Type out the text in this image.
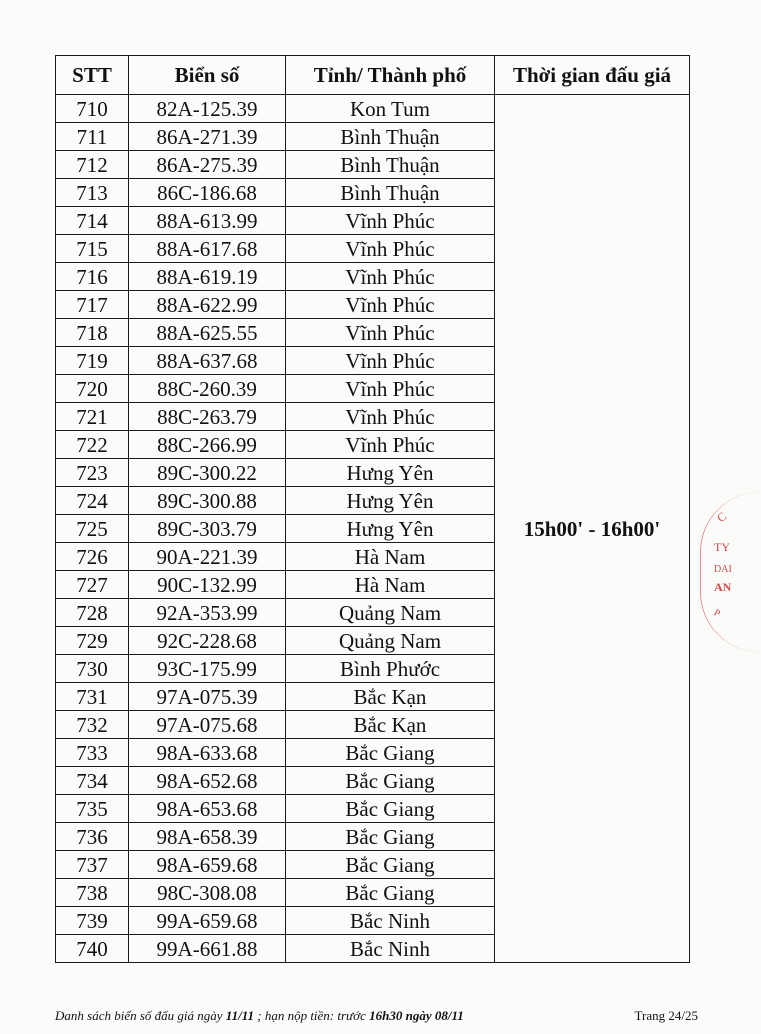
STT	Biển số	Tỉnh/ Thành phố	Thời gian đấu giá
710	82A-125.39	Kon Tum	15h00' - 16h00'
711	86A-271.39	Bình Thuận	
712	86A-275.39	Bình Thuận	
713	86C-186.68	Bình Thuận	
714	88A-613.99	Vĩnh Phúc	
715	88A-617.68	Vĩnh Phúc	
716	88A-619.19	Vĩnh Phúc	
717	88A-622.99	Vĩnh Phúc	
718	88A-625.55	Vĩnh Phúc	
719	88A-637.68	Vĩnh Phúc	
720	88C-260.39	Vĩnh Phúc	
721	88C-263.79	Vĩnh Phúc	
722	88C-266.99	Vĩnh Phúc	
723	89C-300.22	Hưng Yên	
724	89C-300.88	Hưng Yên	
725	89C-303.79	Hưng Yên	
726	90A-221.39	Hà Nam	
727	90C-132.99	Hà Nam	
728	92A-353.99	Quảng Nam	
729	92C-228.68	Quảng Nam	
730	93C-175.99	Bình Phước	
731	97A-075.39	Bắc Kạn	
732	97A-075.68	Bắc Kạn	
733	98A-633.68	Bắc Giang	
734	98A-652.68	Bắc Giang	
735	98A-653.68	Bắc Giang	
736	98A-658.39	Bắc Giang	
737	98A-659.68	Bắc Giang	
738	98C-308.08	Bắc Giang	
739	99A-659.68	Bắc Ninh	
740	99A-661.88	Bắc Ninh	
Danh sách biển số đấu giá ngày 11/11 ; hạn nộp tiền: trước 16h30 ngày 08/11	Trang 24/25
C
TY
DAI
AN
P
